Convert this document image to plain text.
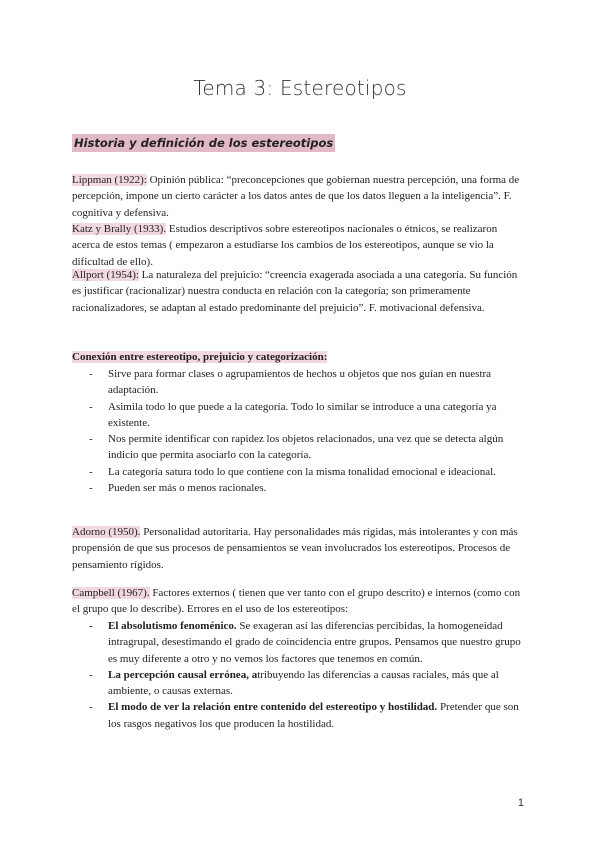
Tema 3: Estereotipos
Historia y definición de los estereotipos
Lippman (1922): Opinión pública: “preconcepciones que gobiernan nuestra percepción, una forma de percepción, impone un cierto carácter a los datos antes de que los datos lleguen a la inteligencia”. F. cognitiva y defensiva.
Katz y Brally (1933). Estudios descriptivos sobre estereotipos nacionales o étnicos, se realizaron acerca de estos temas ( empezaron a estudiarse los cambios de los estereotipos, aunque se vio la dificultad de ello).
Allport (1954): La naturaleza del prejuicio: “creencia exagerada asociada a una categoría. Su función es justificar (racionalizar) nuestra conducta en relación con la categoría; son primeramente racionalizadores, se adaptan al estado predominante del prejuicio”. F. motivacional defensiva.
Conexión entre estereotipo, prejuicio y categorización:
- Sirve para formar clases o agrupamientos de hechos u objetos que nos guían en nuestra adaptación.
- Asimila todo lo que puede a la categoría. Todo lo similar se introduce a una categoría ya existente.
- Nos permite identificar con rapidez los objetos relacionados, una vez que se detecta algún indicio que permita asociarlo con la categoría.
- La categoría satura todo lo que contiene con la misma tonalidad emocional e ideacional.
- Pueden ser más o menos racionales.
Adorno (1950). Personalidad autoritaria. Hay personalidades más rígidas, más intolerantes y con más propensión de que sus procesos de pensamientos se vean involucrados los estereotipos. Procesos de pensamiento rígidos.
Campbell (1967). Factores externos ( tienen que ver tanto con el grupo descrito) e internos (como con el grupo que lo describe). Errores en el uso de los estereotipos:
- El absolutismo fenoménico. Se exageran así las diferencias percibidas, la homogeneidad intragrupal, desestimando el grado de coincidencia entre grupos. Pensamos que nuestro grupo es muy diferente a otro y no vemos los factores que tenemos en común.
- La percepción causal errónea, atribuyendo las diferencias a causas raciales, más que al ambiente, o causas externas.
- El modo de ver la relación entre contenido del estereotipo y hostilidad. Pretender que son los rasgos negativos los que producen la hostilidad.
1
